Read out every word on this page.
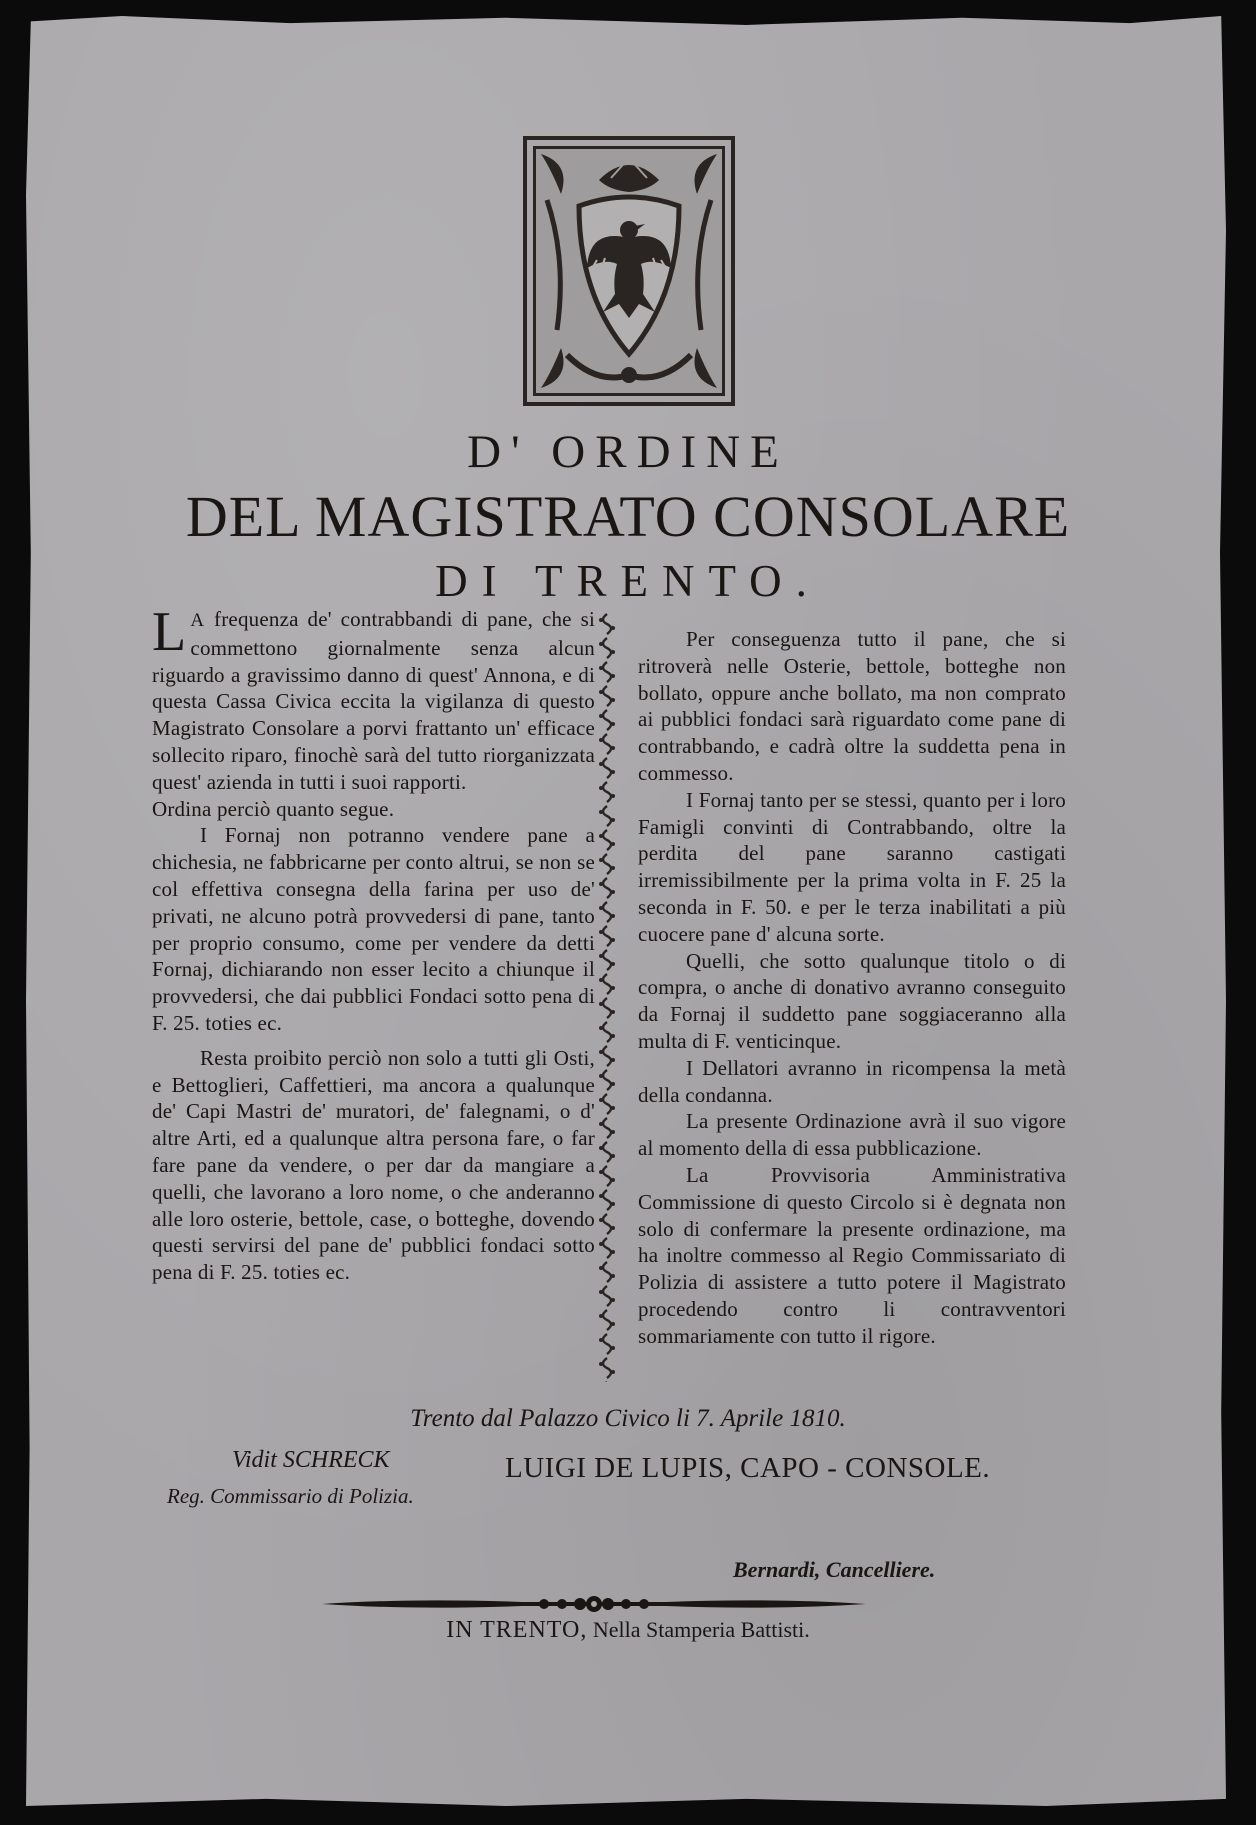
D' ORDINE
DEL MAGISTRATO CONSOLARE
DI TRENTO.

L A frequenza de' contrabbandi di pane, che si commettono giornalmente senza alcun riguardo a gravissimo danno di quest' Annona, e di questa Cassa Civica eccita la vigilanza di questo Magistrato Consolare a porvi frattanto un' efficace sollecito riparo, finochè sarà del tutto riorganizzata quest' azienda in tutti i suoi rapporti.

Ordina perciò quanto segue.

I Fornaj non potranno vendere pane a chichesia, ne fabbricarne per conto altrui, se non se col effettiva consegna della farina per uso de' privati, ne alcuno potrà provvedersi di pane, tanto per proprio consumo, come per vendere da detti Fornaj, dichiarando non esser lecito a chiunque il provvedersi, che dai pubblici Fondaci sotto pena di F. 25. toties ec.

Resta proibito perciò non solo a tutti gli Osti, e Bettoglieri, Caffettieri, ma ancora a qualunque de' Capi Mastri de' muratori, de' falegnami, o d' altre Arti, ed a qualunque altra persona fare, o far fare pane da vendere, o per dar da mangiare a quelli, che lavorano a loro nome, o che anderanno alle loro osterie, bettole, case, o botteghe, dovendo questi servirsi del pane de' pubblici fondaci sotto pena di F. 25. toties ec.

Per conseguenza tutto il pane, che si ritroverà nelle Osterie, bettole, botteghe non bollato, oppure anche bollato, ma non comprato ai pubblici fondaci sarà riguardato come pane di contrabbando, e cadrà oltre la suddetta pena in commesso.

I Fornaj tanto per se stessi, quanto per i loro Famigli convinti di Contrabbando, oltre la perdita del pane saranno castigati irremissibilmente per la prima volta in F. 25 la seconda in F. 50. e per le terza inabilitati a più cuocere pane d' alcuna sorte.

Quelli, che sotto qualunque titolo o di compra, o anche di donativo avranno conseguito da Fornaj il suddetto pane soggiaceranno alla multa di F. venticinque.

I Dellatori avranno in ricompensa la metà della condanna.

La presente Ordinazione avrà il suo vigore al momento della di essa pubblicazione.

La Provvisoria Amministrativa Commissione di questo Circolo si è degnata non solo di confermare la presente ordinazione, ma ha inoltre commesso al Regio Commissariato di Polizia di assistere a tutto potere il Magistrato procedendo contro li contravventori sommariamente con tutto il rigore.

Trento dal Palazzo Civico li 7. Aprile 1810.
Vidit SCHRECK
Reg. Commissario di Polizia.
LUIGI DE LUPIS, CAPO - CONSOLE.
Bernardi, Cancelliere.
IN TRENTO, Nella Stamperia Battisti.
